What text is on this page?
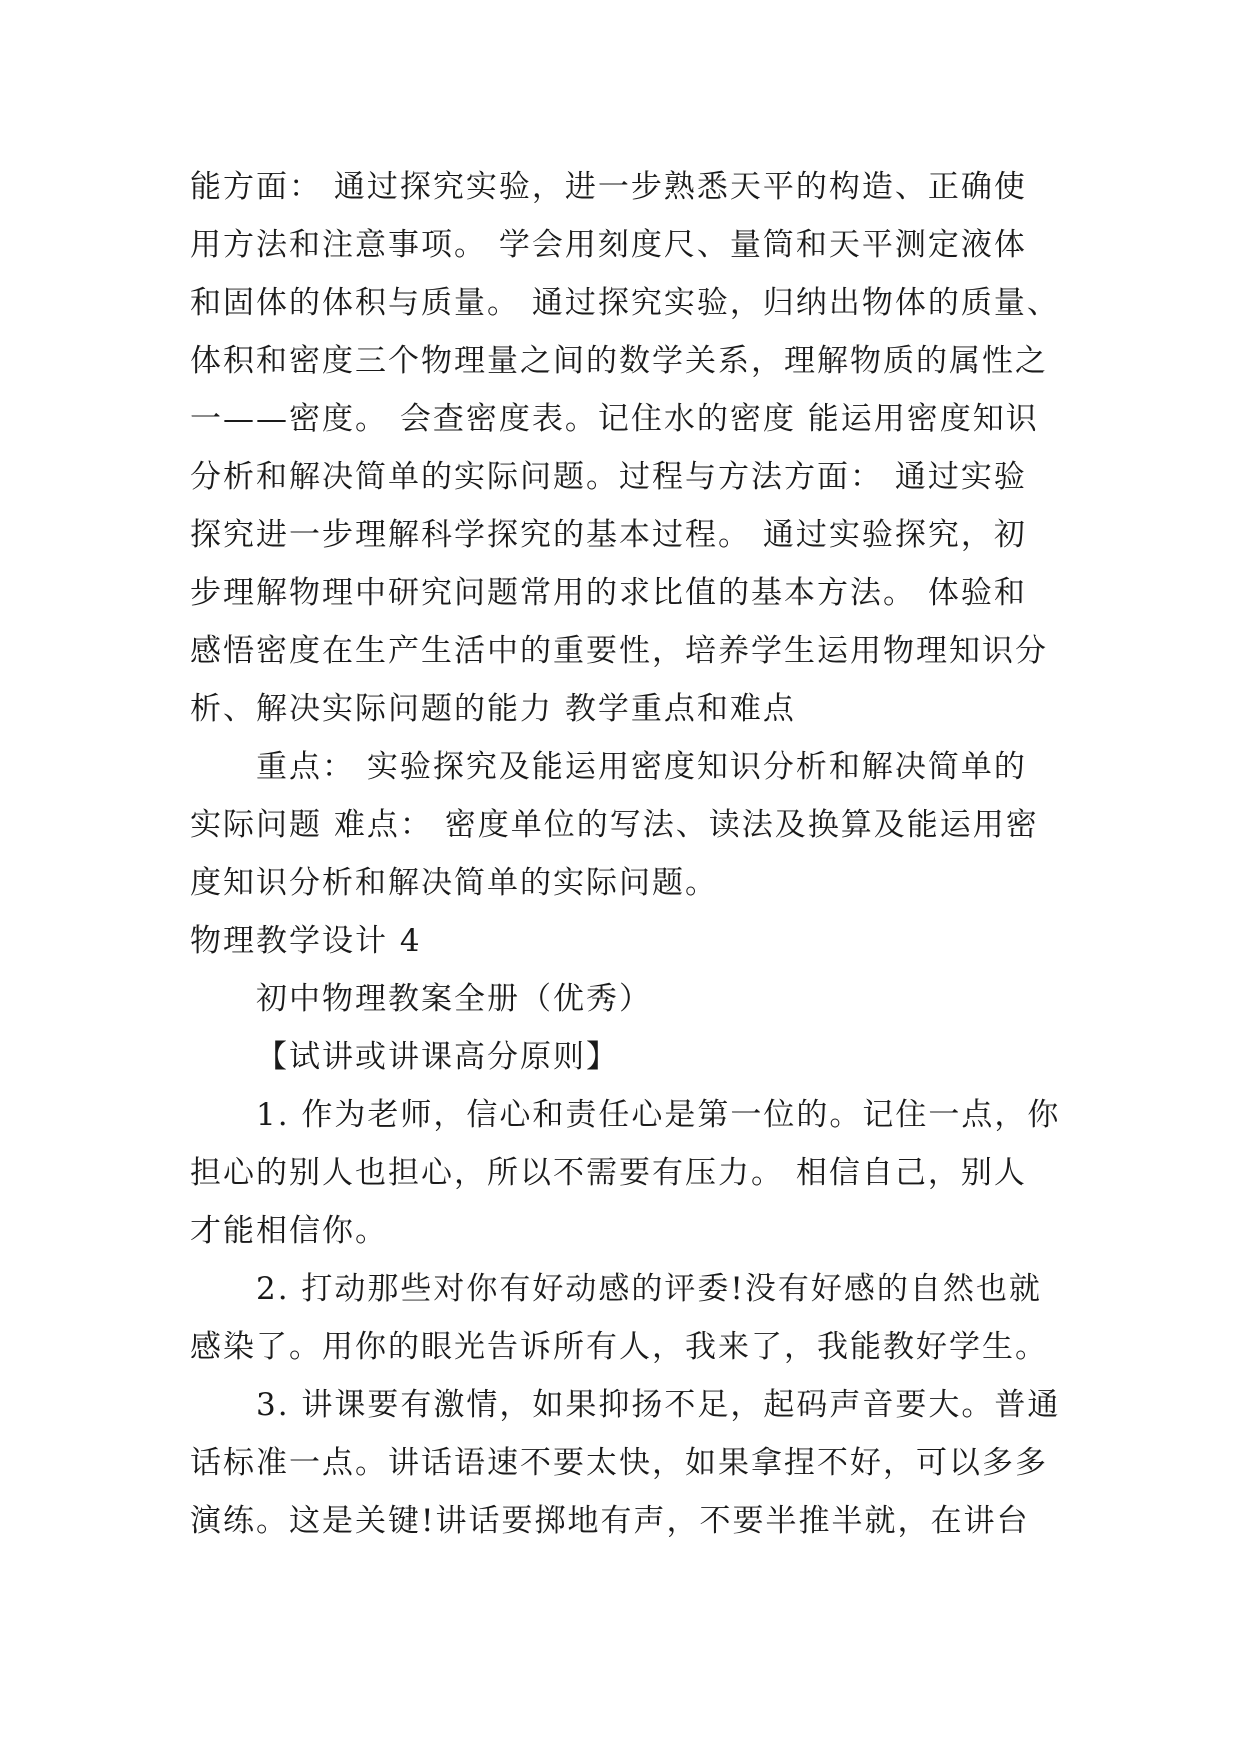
能方面： 通过探究实验，进一步熟悉天平的构造、正确使
用方法和注意事项。 学会用刻度尺、量筒和天平测定液体
和固体的体积与质量。 通过探究实验，归纳出物体的质量、
体积和密度三个物理量之间的数学关系，理解物质的属性之
一——密度。 会查密度表。记住水的密度 能运用密度知识
分析和解决简单的实际问题。过程与方法方面： 通过实验
探究进一步理解科学探究的基本过程。 通过实验探究，初
步理解物理中研究问题常用的求比值的基本方法。 体验和
感悟密度在生产生活中的重要性，培养学生运用物理知识分
析、解决实际问题的能力 教学重点和难点
重点： 实验探究及能运用密度知识分析和解决简单的
实际问题 难点： 密度单位的写法、读法及换算及能运用密
度知识分析和解决简单的实际问题。
物理教学设计 4
初中物理教案全册（优秀）
【试讲或讲课高分原则】
1. 作为老师，信心和责任心是第一位的。记住一点，你
担心的别人也担心，所以不需要有压力。 相信自己，别人
才能相信你。
2. 打动那些对你有好动感的评委!没有好感的自然也就
感染了。用你的眼光告诉所有人，我来了，我能教好学生。
3. 讲课要有激情，如果抑扬不足，起码声音要大。普通
话标准一点。讲话语速不要太快，如果拿捏不好，可以多多
演练。这是关键!讲话要掷地有声，不要半推半就，在讲台
